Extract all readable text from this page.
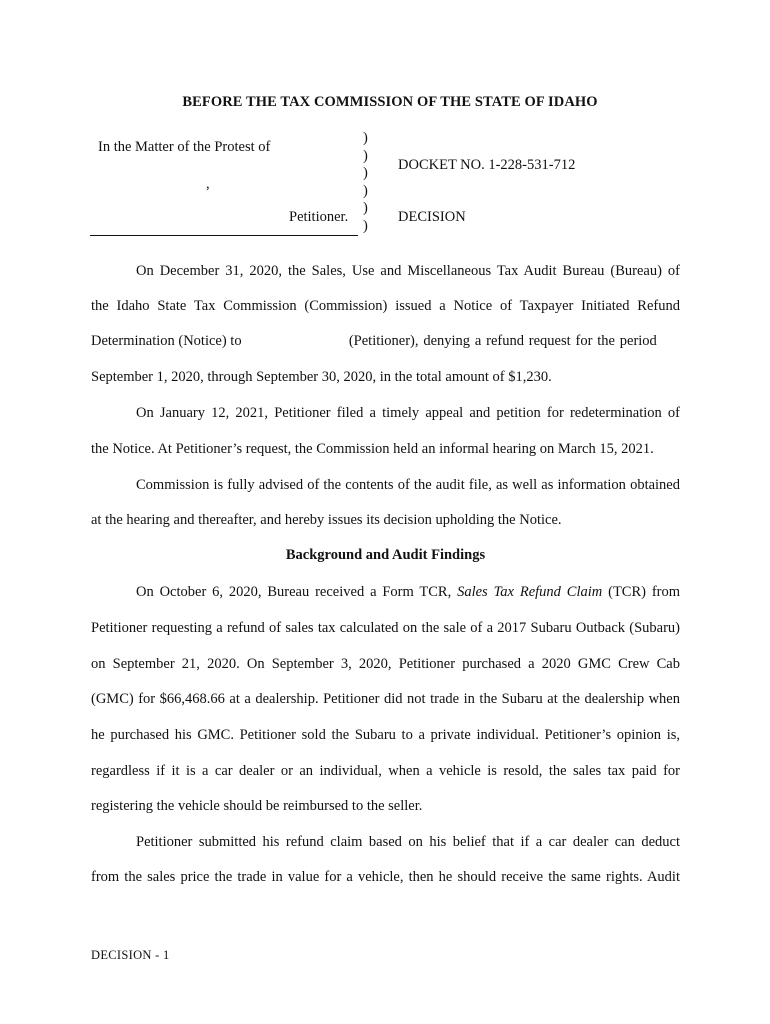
BEFORE THE TAX COMMISSION OF THE STATE OF IDAHO
In the Matter of the Protest of
,
Petitioner.
)
)
)
)
)
)
DOCKET NO. 1-228-531-712
DECISION
On December 31, 2020, the Sales, Use and Miscellaneous Tax Audit Bureau (Bureau) of
the Idaho State Tax Commission (Commission) issued a Notice of Taxpayer Initiated Refund
Determination (Notice) to	(Petitioner), denying a refund request for the period
September 1, 2020, through September 30, 2020, in the total amount of $1,230.
On January 12, 2021, Petitioner filed a timely appeal and petition for redetermination of
the Notice. At Petitioner’s request, the Commission held an informal hearing on March 15, 2021.
Commission is fully advised of the contents of the audit file, as well as information obtained
at the hearing and thereafter, and hereby issues its decision upholding the Notice.
Background and Audit Findings
On October 6, 2020, Bureau received a Form TCR, Sales Tax Refund Claim (TCR) from
Petitioner requesting a refund of sales tax calculated on the sale of a 2017 Subaru Outback (Subaru)
on September 21, 2020. On September 3, 2020, Petitioner purchased a 2020 GMC Crew Cab
(GMC) for $66,468.66 at a dealership. Petitioner did not trade in the Subaru at the dealership when
he purchased his GMC. Petitioner sold the Subaru to a private individual. Petitioner’s opinion is,
regardless if it is a car dealer or an individual, when a vehicle is resold, the sales tax paid for
registering the vehicle should be reimbursed to the seller.
Petitioner submitted his refund claim based on his belief that if a car dealer can deduct
from the sales price the trade in value for a vehicle, then he should receive the same rights. Audit
DECISION - 1
